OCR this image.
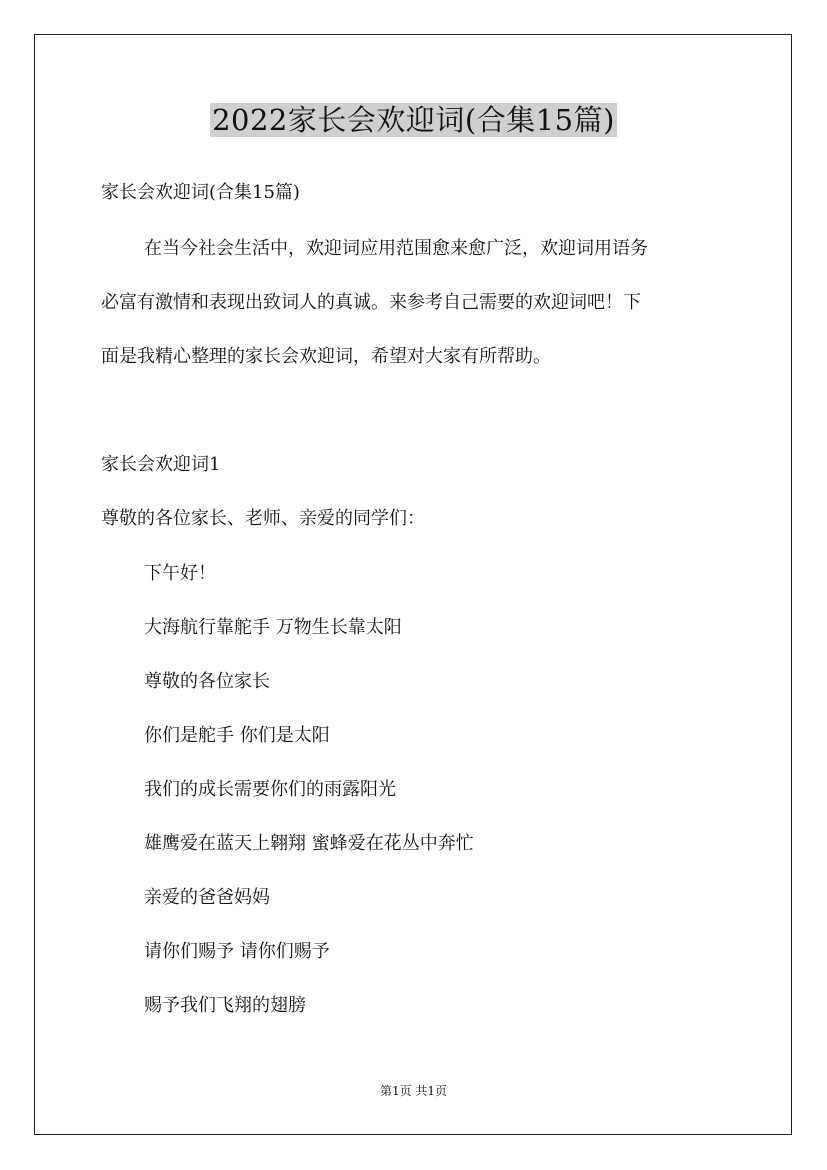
2022家长会欢迎词(合集15篇)

家长会欢迎词(合集15篇)

在当今社会生活中，欢迎词应用范围愈来愈广泛，欢迎词用语务

必富有激情和表现出致词人的真诚。来参考自己需要的欢迎词吧！下

面是我精心整理的家长会欢迎词，希望对大家有所帮助。

家长会欢迎词1

尊敬的各位家长、老师、亲爱的同学们：

下午好！

大海航行靠舵手 万物生长靠太阳

尊敬的各位家长

你们是舵手 你们是太阳

我们的成长需要你们的雨露阳光

雄鹰爱在蓝天上翱翔 蜜蜂爱在花丛中奔忙

亲爱的爸爸妈妈

请你们赐予 请你们赐予

赐予我们飞翔的翅膀

第1页 共1页
